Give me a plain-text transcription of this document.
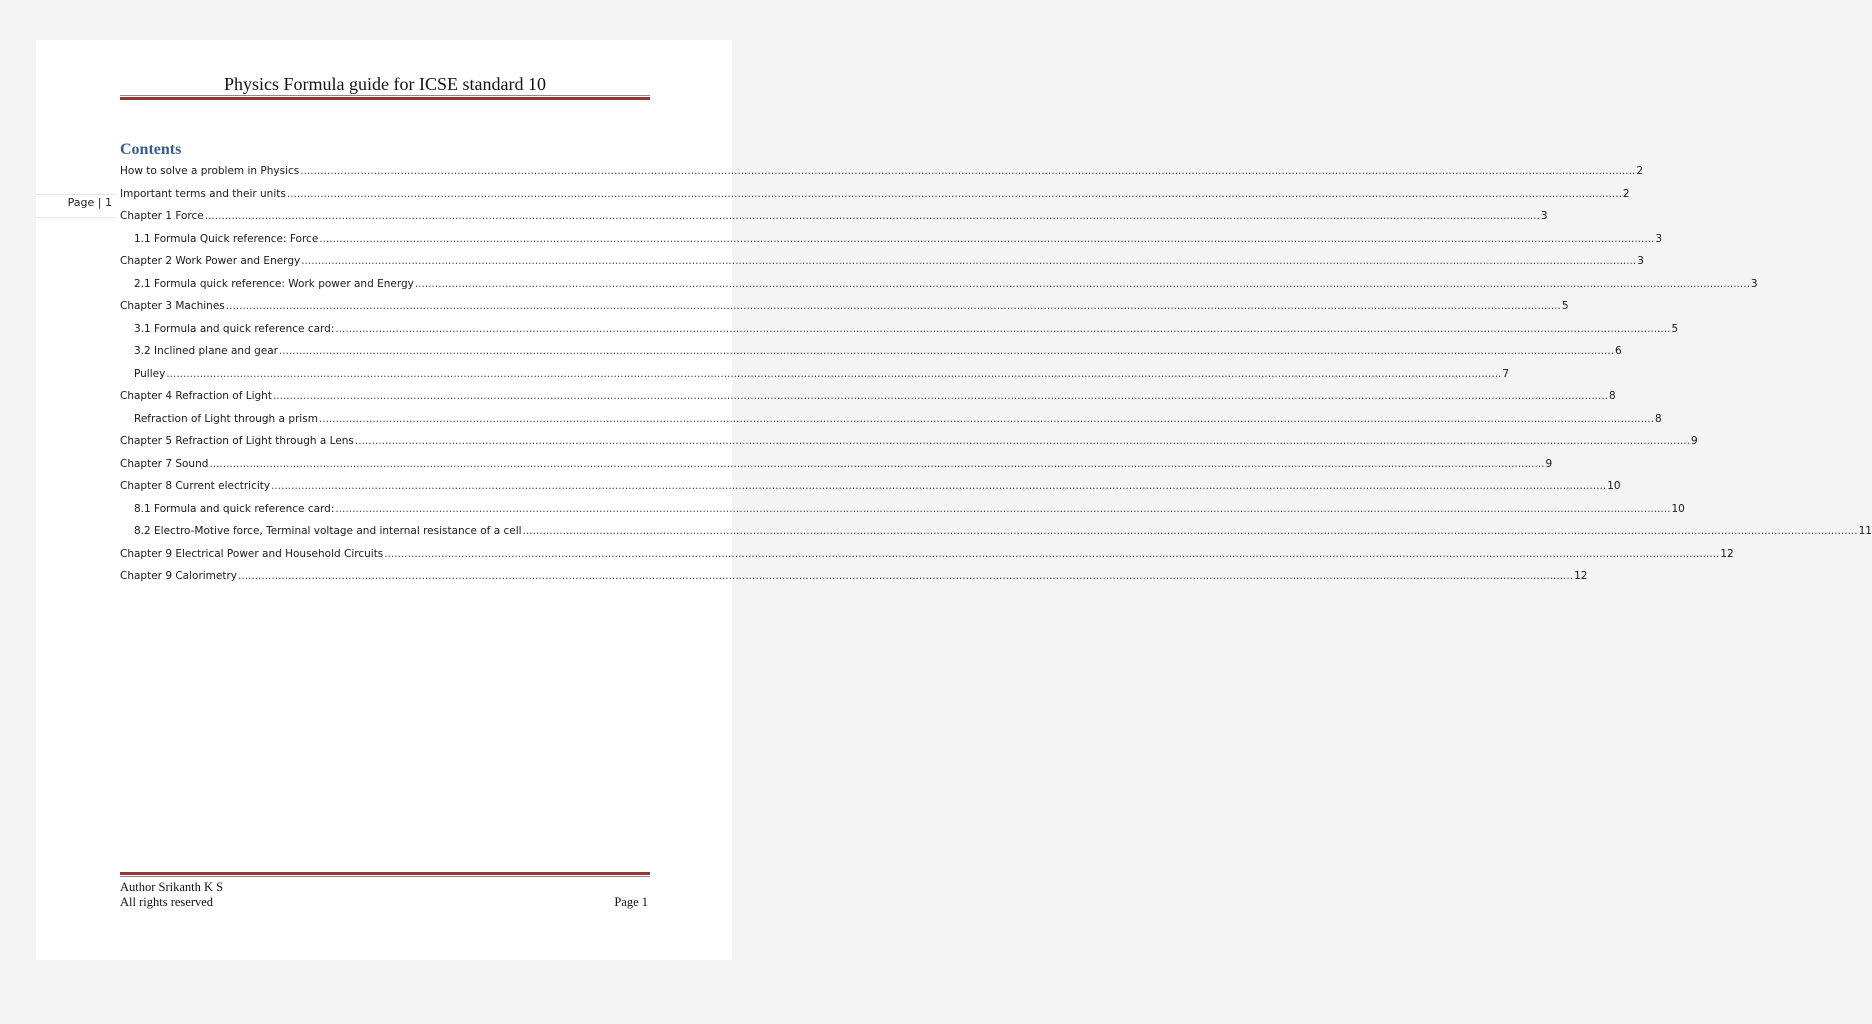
Page | 1
Physics Formula guide for ICSE standard 10
Contents
How to solve a problem in Physics ................................................................................................................................................................................................................................................................................................................................................................................................................ 2
Important terms and their units ................................................................................................................................................................................................................................................................................................................................................................................................................ 2
Chapter 1 Force ................................................................................................................................................................................................................................................................................................................................................................................................................ 3
1.1 Formula Quick reference: Force ................................................................................................................................................................................................................................................................................................................................................................................................................ 3
Chapter 2 Work Power and Energy ................................................................................................................................................................................................................................................................................................................................................................................................................ 3
2.1 Formula quick reference: Work power and Energy ................................................................................................................................................................................................................................................................................................................................................................................................................ 3
Chapter 3 Machines ................................................................................................................................................................................................................................................................................................................................................................................................................ 5
3.1 Formula and quick reference card: ................................................................................................................................................................................................................................................................................................................................................................................................................ 5
3.2 Inclined plane and gear ................................................................................................................................................................................................................................................................................................................................................................................................................ 6
Pulley ................................................................................................................................................................................................................................................................................................................................................................................................................ 7
Chapter 4 Refraction of Light ................................................................................................................................................................................................................................................................................................................................................................................................................ 8
Refraction of Light through a prism ................................................................................................................................................................................................................................................................................................................................................................................................................ 8
Chapter 5 Refraction of Light through a Lens ................................................................................................................................................................................................................................................................................................................................................................................................................ 9
Chapter 7 Sound ................................................................................................................................................................................................................................................................................................................................................................................................................ 9
Chapter 8 Current electricity ................................................................................................................................................................................................................................................................................................................................................................................................................ 10
8.1 Formula and quick reference card: ................................................................................................................................................................................................................................................................................................................................................................................................................ 10
8.2 Electro-Motive force, Terminal voltage and internal resistance of a cell ................................................................................................................................................................................................................................................................................................................................................................................................................ 11
Chapter 9 Electrical Power and Household Circuits ................................................................................................................................................................................................................................................................................................................................................................................................................ 12
Chapter 9 Calorimetry ................................................................................................................................................................................................................................................................................................................................................................................................................ 12
Author Srikanth K S
All rights reserved	Page 1
